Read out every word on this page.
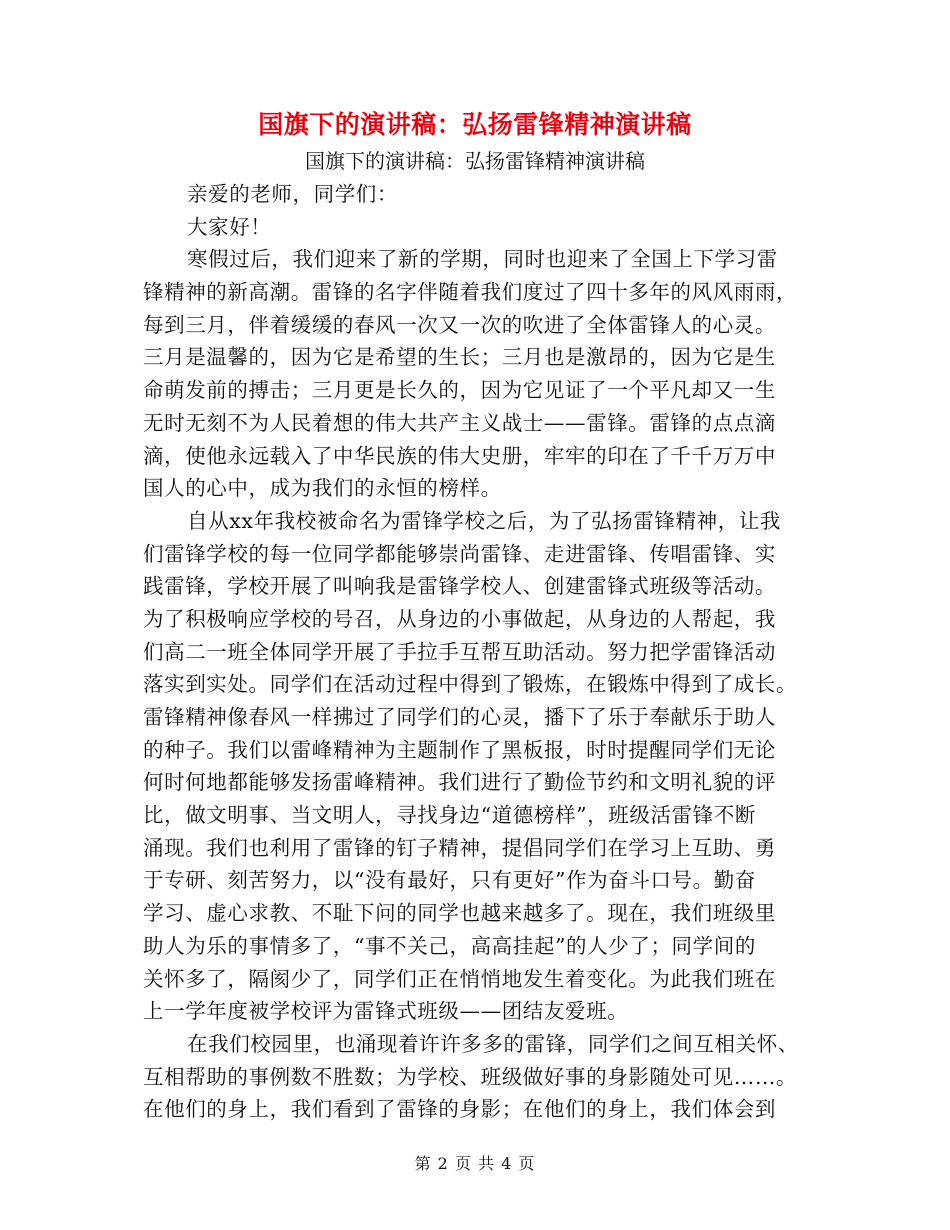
国旗下的演讲稿：弘扬雷锋精神演讲稿
国旗下的演讲稿：弘扬雷锋精神演讲稿
亲爱的老师，同学们：
大家好！
寒假过后，我们迎来了新的学期，同时也迎来了全国上下学习雷
锋精神的新高潮。雷锋的名字伴随着我们度过了四十多年的风风雨雨，
每到三月，伴着缓缓的春风一次又一次的吹进了全体雷锋人的心灵。
三月是温馨的，因为它是希望的生长；三月也是激昂的，因为它是生
命萌发前的搏击；三月更是长久的，因为它见证了一个平凡却又一生
无时无刻不为人民着想的伟大共产主义战士——雷锋。雷锋的点点滴
滴，使他永远载入了中华民族的伟大史册，牢牢的印在了千千万万中
国人的心中，成为我们的永恒的榜样。
自从xx年我校被命名为雷锋学校之后，为了弘扬雷锋精神，让我
们雷锋学校的每一位同学都能够崇尚雷锋、走进雷锋、传唱雷锋、实
践雷锋，学校开展了叫响我是雷锋学校人、创建雷锋式班级等活动。
为了积极响应学校的号召，从身边的小事做起，从身边的人帮起，我
们高二一班全体同学开展了手拉手互帮互助活动。努力把学雷锋活动
落实到实处。同学们在活动过程中得到了锻炼，在锻炼中得到了成长。
雷锋精神像春风一样拂过了同学们的心灵，播下了乐于奉献乐于助人
的种子。我们以雷峰精神为主题制作了黑板报，时时提醒同学们无论
何时何地都能够发扬雷峰精神。我们进行了勤俭节约和文明礼貌的评
比，做文明事、当文明人，寻找身边“道德榜样”，班级活雷锋不断
涌现。我们也利用了雷锋的钉子精神，提倡同学们在学习上互助、勇
于专研、刻苦努力，以“没有最好，只有更好”作为奋斗口号。勤奋
学习、虚心求教、不耻下问的同学也越来越多了。现在，我们班级里
助人为乐的事情多了，“事不关己，高高挂起”的人少了；同学间的
关怀多了，隔阂少了，同学们正在悄悄地发生着变化。为此我们班在
上一学年度被学校评为雷锋式班级——团结友爱班。
在我们校园里，也涌现着许许多多的雷锋，同学们之间互相关怀、
互相帮助的事例数不胜数；为学校、班级做好事的身影随处可见……。
在他们的身上，我们看到了雷锋的身影；在他们的身上，我们体会到
第 2 页 共 4 页
